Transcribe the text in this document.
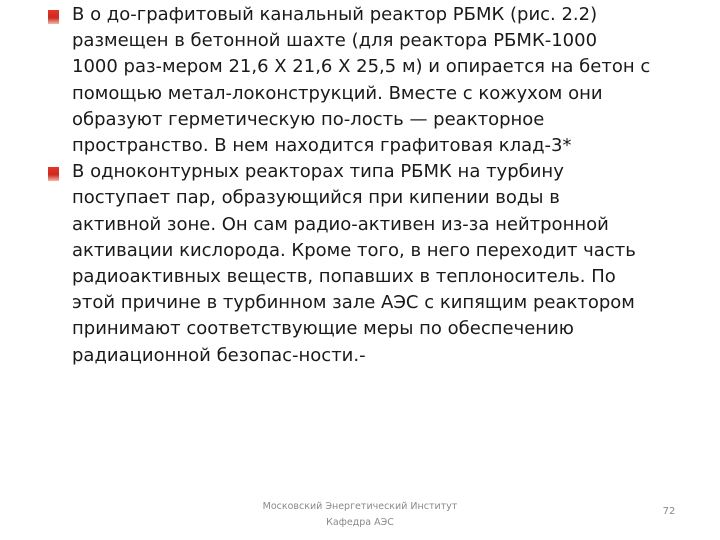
В о до-графитовый канальный реактор РБМК (рис. 2.2)
размещен в бетонной шахте (для реактора РБМК-1000
1000 раз-мером 21,6 X 21,6 X 25,5 м) и опирается на бетон с
помощью метал-локонструкций. Вместе с кожухом они
образуют герметическую по-лость — реакторное
пространство. В нем находится графитовая клад-3*
В одноконтурных реакторах типа РБМК на турбину
поступает пар, образующийся при кипении воды в
активной зоне. Он сам радио-активен из-за нейтронной
активации кислорода. Кроме того, в него переходит часть
радиоактивных веществ, попавших в теплоноситель. По
этой причине в турбинном зале АЭС с кипящим реактором
принимают соответствующие меры по обеспечению
радиационной безопас-ности.-
Московский Энергетический Институт
Кафедра АЭС
72
